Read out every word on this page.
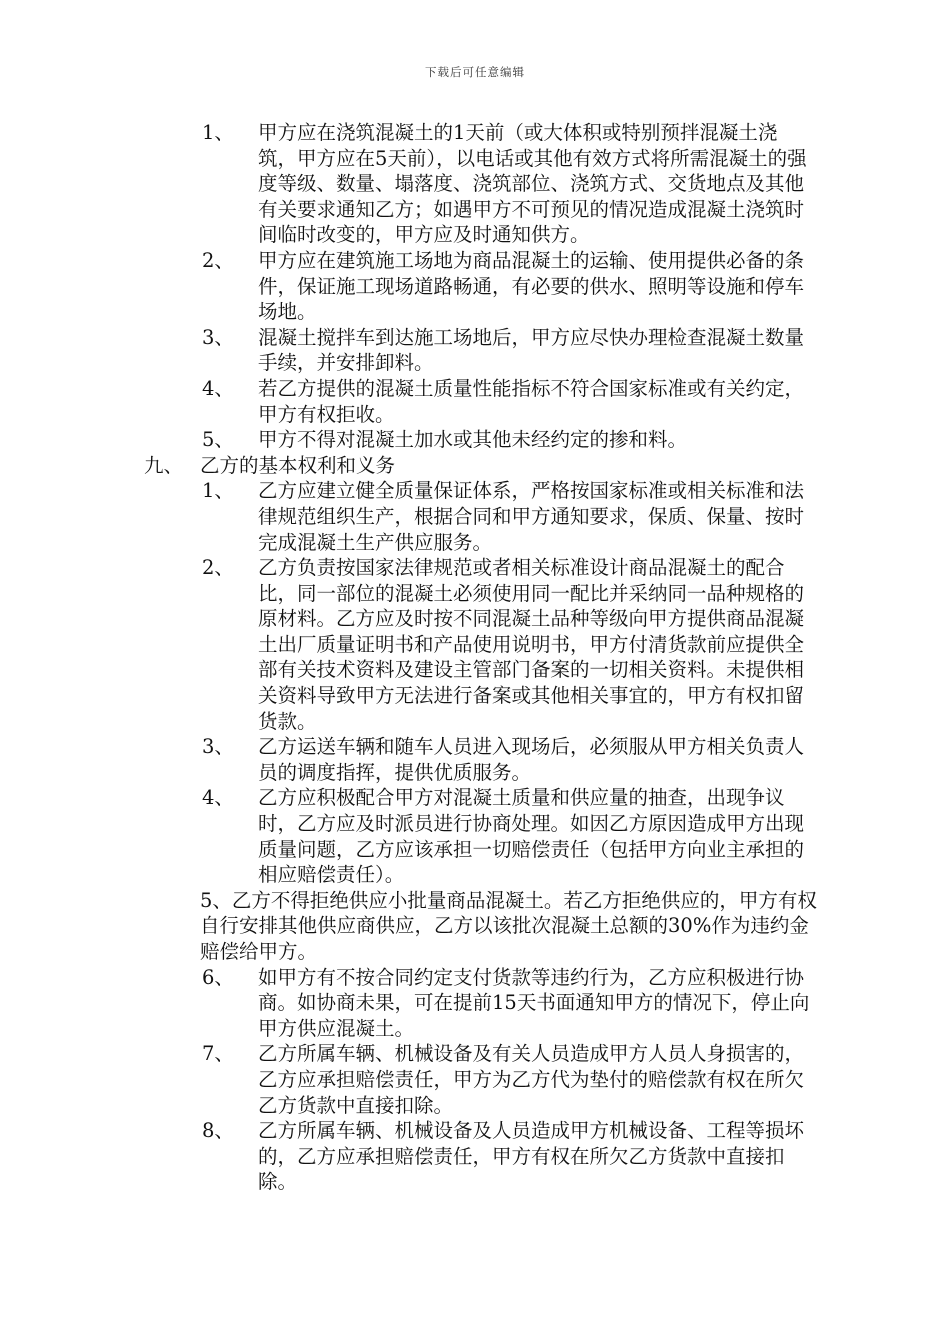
下载后可任意编辑
1、 甲方应在浇筑混凝土的1天前（或大体积或特别预拌混凝土浇筑，甲方应在5天前），以电话或其他有效方式将所需混凝土的强度等级、数量、塌落度、浇筑部位、浇筑方式、交货地点及其他有关要求通知乙方；如遇甲方不可预见的情况造成混凝土浇筑时间临时改变的，甲方应及时通知供方。
2、 甲方应在建筑施工场地为商品混凝土的运输、使用提供必备的条件，保证施工现场道路畅通，有必要的供水、照明等设施和停车场地。
3、 混凝土搅拌车到达施工场地后，甲方应尽快办理检查混凝土数量手续，并安排卸料。
4、 若乙方提供的混凝土质量性能指标不符合国家标准或有关约定，甲方有权拒收。
5、 甲方不得对混凝土加水或其他未经约定的掺和料。
九、 乙方的基本权利和义务
1、 乙方应建立健全质量保证体系，严格按国家标准或相关标准和法律规范组织生产，根据合同和甲方通知要求，保质、保量、按时完成混凝土生产供应服务。
2、 乙方负责按国家法律规范或者相关标准设计商品混凝土的配合比，同一部位的混凝土必须使用同一配比并采纳同一品种规格的原材料。乙方应及时按不同混凝土品种等级向甲方提供商品混凝土出厂质量证明书和产品使用说明书，甲方付清货款前应提供全部有关技术资料及建设主管部门备案的一切相关资料。未提供相关资料导致甲方无法进行备案或其他相关事宜的，甲方有权扣留货款。
3、 乙方运送车辆和随车人员进入现场后，必须服从甲方相关负责人员的调度指挥，提供优质服务。
4、 乙方应积极配合甲方对混凝土质量和供应量的抽查，出现争议时，乙方应及时派员进行协商处理。如因乙方原因造成甲方出现质量问题，乙方应该承担一切赔偿责任（包括甲方向业主承担的相应赔偿责任）。
5、乙方不得拒绝供应小批量商品混凝土。若乙方拒绝供应的，甲方有权自行安排其他供应商供应，乙方以该批次混凝土总额的30%作为违约金赔偿给甲方。
6、 如甲方有不按合同约定支付货款等违约行为，乙方应积极进行协商。如协商未果，可在提前15天书面通知甲方的情况下，停止向甲方供应混凝土。
7、 乙方所属车辆、机械设备及有关人员造成甲方人员人身损害的，乙方应承担赔偿责任，甲方为乙方代为垫付的赔偿款有权在所欠乙方货款中直接扣除。
8、 乙方所属车辆、机械设备及人员造成甲方机械设备、工程等损坏的，乙方应承担赔偿责任，甲方有权在所欠乙方货款中直接扣除。
